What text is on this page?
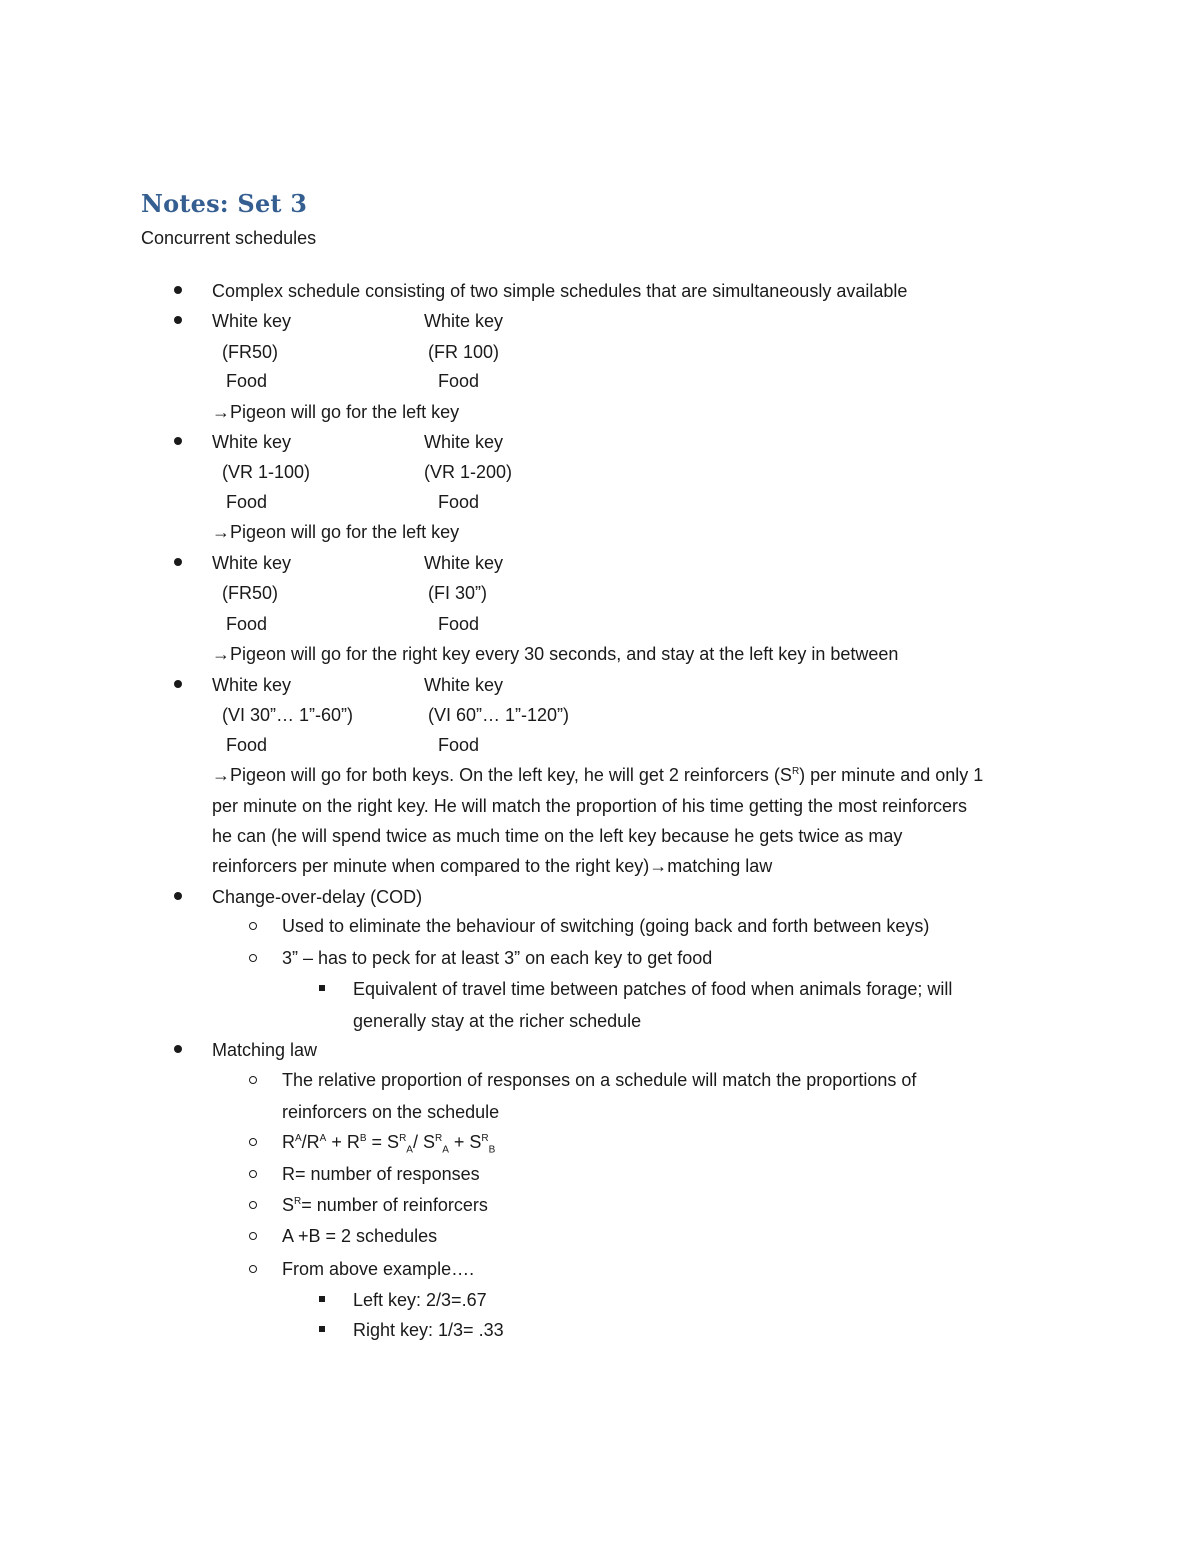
Notes: Set 3
Concurrent schedules
Complex schedule consisting of two simple schedules that are simultaneously available
White key	White key
(FR50)	(FR 100)
Food	Food
→Pigeon will go for the left key
White key	White key
(VR 1-100)	(VR 1-200)
Food	Food
→Pigeon will go for the left key
White key	White key
(FR50)	(FI 30”)
Food	Food
→Pigeon will go for the right key every 30 seconds, and stay at the left key in between
White key	White key
(VI 30”… 1”-60”)	(VI 60”… 1”-120”)
Food	Food
→Pigeon will go for both keys. On the left key, he will get 2 reinforcers $(S^R)$ per minute and only 1
per minute on the right key. He will match the proportion of his time getting the most reinforcers
he can (he will spend twice as much time on the left key because he gets twice as may
reinforcers per minute when compared to the right key)→matching law
Change-over-delay (COD)
Used to eliminate the behaviour of switching (going back and forth between keys)
3” – has to peck for at least 3” on each key to get food
Equivalent of travel time between patches of food when animals forage; will
generally stay at the richer schedule
Matching law
The relative proportion of responses on a schedule will match the proportions of
reinforcers on the schedule
$R^A/R^A + R^B = S^R_A/$ $S^R_A + S^R_B$
R= number of responses
$S^R=$ number of reinforcers
A +B = 2 schedules
From above example….
Left key: 2/3=.67
Right key: 1/3= .33
